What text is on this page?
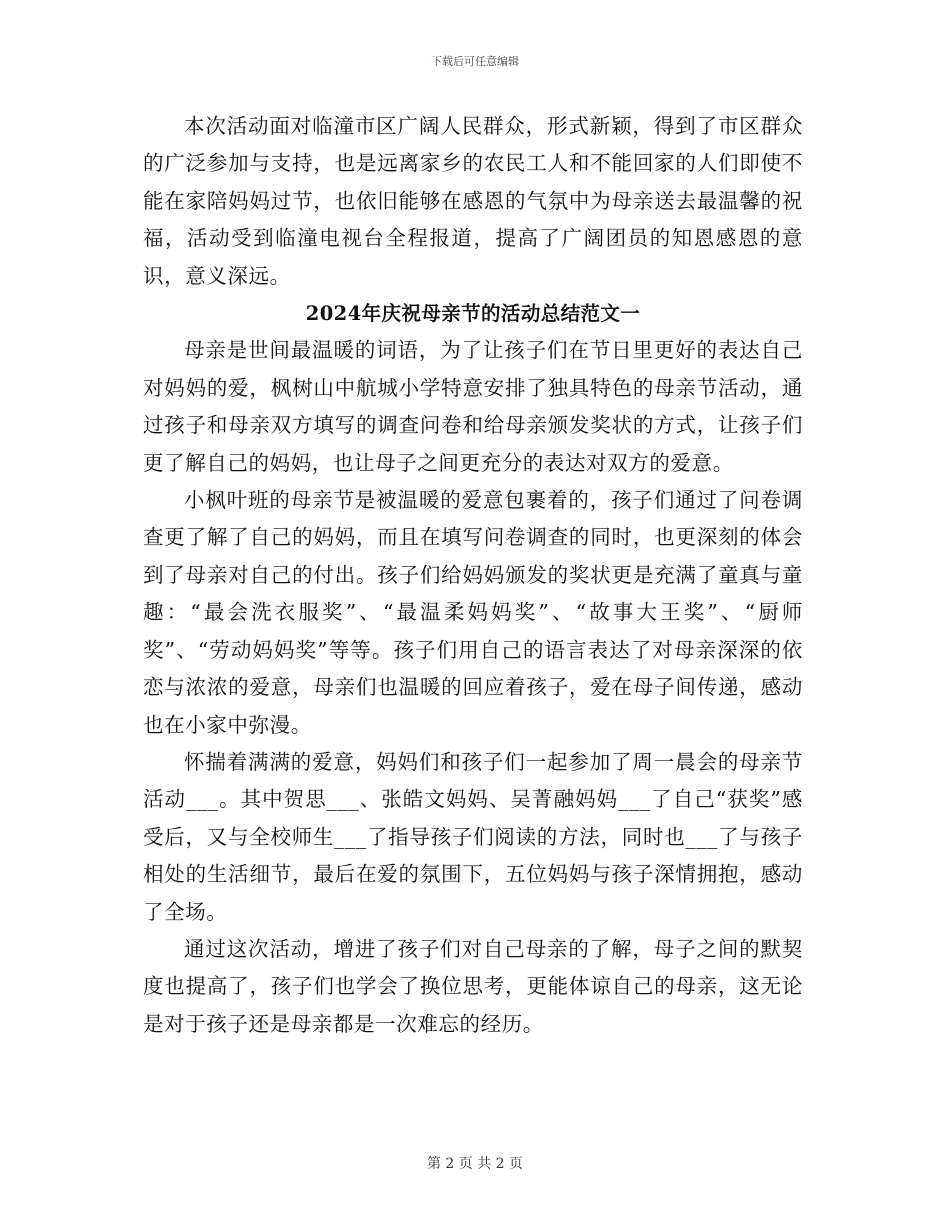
下载后可任意编辑

本次活动面对临潼市区广阔人民群众，形式新颖，得到了市区群众的广泛参加与支持，也是远离家乡的农民工人和不能回家的人们即使不能在家陪妈妈过节，也依旧能够在感恩的气氛中为母亲送去最温馨的祝福，活动受到临潼电视台全程报道，提高了广阔团员的知恩感恩的意识，意义深远。

2024年庆祝母亲节的活动总结范文一

母亲是世间最温暖的词语，为了让孩子们在节日里更好的表达自己对妈妈的爱，枫树山中航城小学特意安排了独具特色的母亲节活动，通过孩子和母亲双方填写的调查问卷和给母亲颁发奖状的方式，让孩子们更了解自己的妈妈，也让母子之间更充分的表达对双方的爱意。

小枫叶班的母亲节是被温暖的爱意包裹着的，孩子们通过了问卷调查更了解了自己的妈妈，而且在填写问卷调查的同时，也更深刻的体会到了母亲对自己的付出。孩子们给妈妈颁发的奖状更是充满了童真与童趣：“最会洗衣服奖”、“最温柔妈妈奖”、“故事大王奖”、“厨师奖”、“劳动妈妈奖”等等。孩子们用自己的语言表达了对母亲深深的依恋与浓浓的爱意，母亲们也温暖的回应着孩子，爱在母子间传递，感动也在小家中弥漫。

怀揣着满满的爱意，妈妈们和孩子们一起参加了周一晨会的母亲节活动___。其中贺思___、张皓文妈妈、吴菁融妈妈___了自己“获奖”感受后，又与全校师生___了指导孩子们阅读的方法，同时也___了与孩子相处的生活细节，最后在爱的氛围下，五位妈妈与孩子深情拥抱，感动了全场。

通过这次活动，增进了孩子们对自己母亲的了解，母子之间的默契度也提高了，孩子们也学会了换位思考，更能体谅自己的母亲，这无论是对于孩子还是母亲都是一次难忘的经历。

第 2 页 共 2 页
